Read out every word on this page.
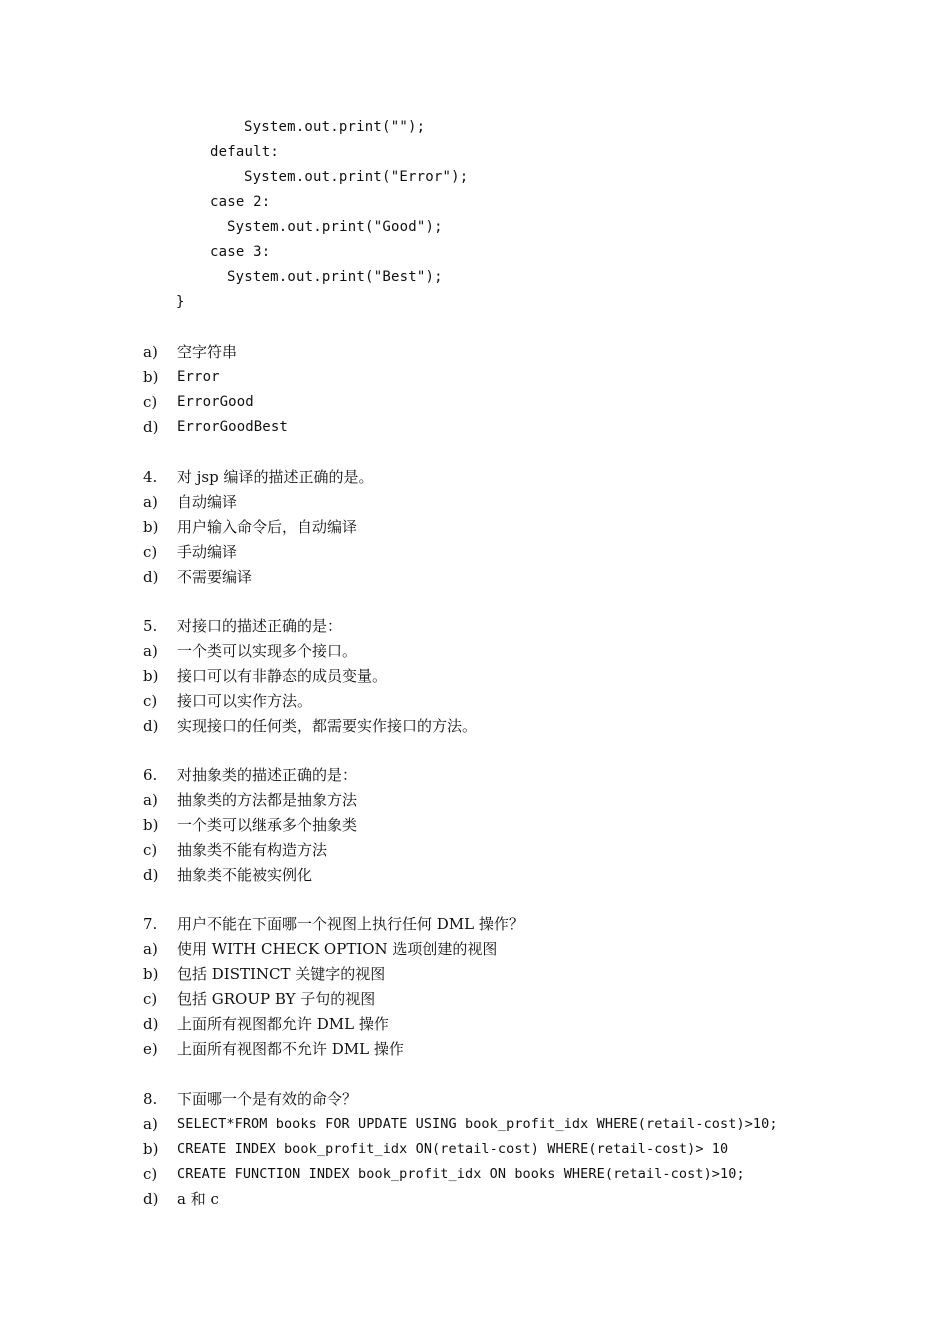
System.out.print("");
default:
System.out.print("Error");
case 2:
System.out.print("Good");
case 3:
System.out.print("Best");
}
a)	空字符串
b)	Error
c)	ErrorGood
d)	ErrorGoodBest
4.	对 jsp 编译的描述正确的是。
a)	自动编译
b)	用户输入命令后，自动编译
c)	手动编译
d)	不需要编译
5.	对接口的描述正确的是：
a)	一个类可以实现多个接口。
b)	接口可以有非静态的成员变量。
c)	接口可以实作方法。
d)	实现接口的任何类，都需要实作接口的方法。
6.	对抽象类的描述正确的是：
a)	抽象类的方法都是抽象方法
b)	一个类可以继承多个抽象类
c)	抽象类不能有构造方法
d)	抽象类不能被实例化
7.	用户不能在下面哪一个视图上执行任何 DML 操作？
a)	使用 WITH CHECK OPTION 选项创建的视图
b)	包括 DISTINCT 关键字的视图
c)	包括 GROUP BY 子句的视图
d)	上面所有视图都允许 DML 操作
e)	上面所有视图都不允许 DML 操作
8.	下面哪一个是有效的命令？
a)	SELECT*FROM books FOR UPDATE USING book_profit_idx WHERE(retail-cost)>10;
b)	CREATE INDEX book_profit_idx ON(retail-cost) WHERE(retail-cost)> 10
c)	CREATE FUNCTION INDEX book_profit_idx ON books WHERE(retail-cost)>10;
d)	a 和 c
